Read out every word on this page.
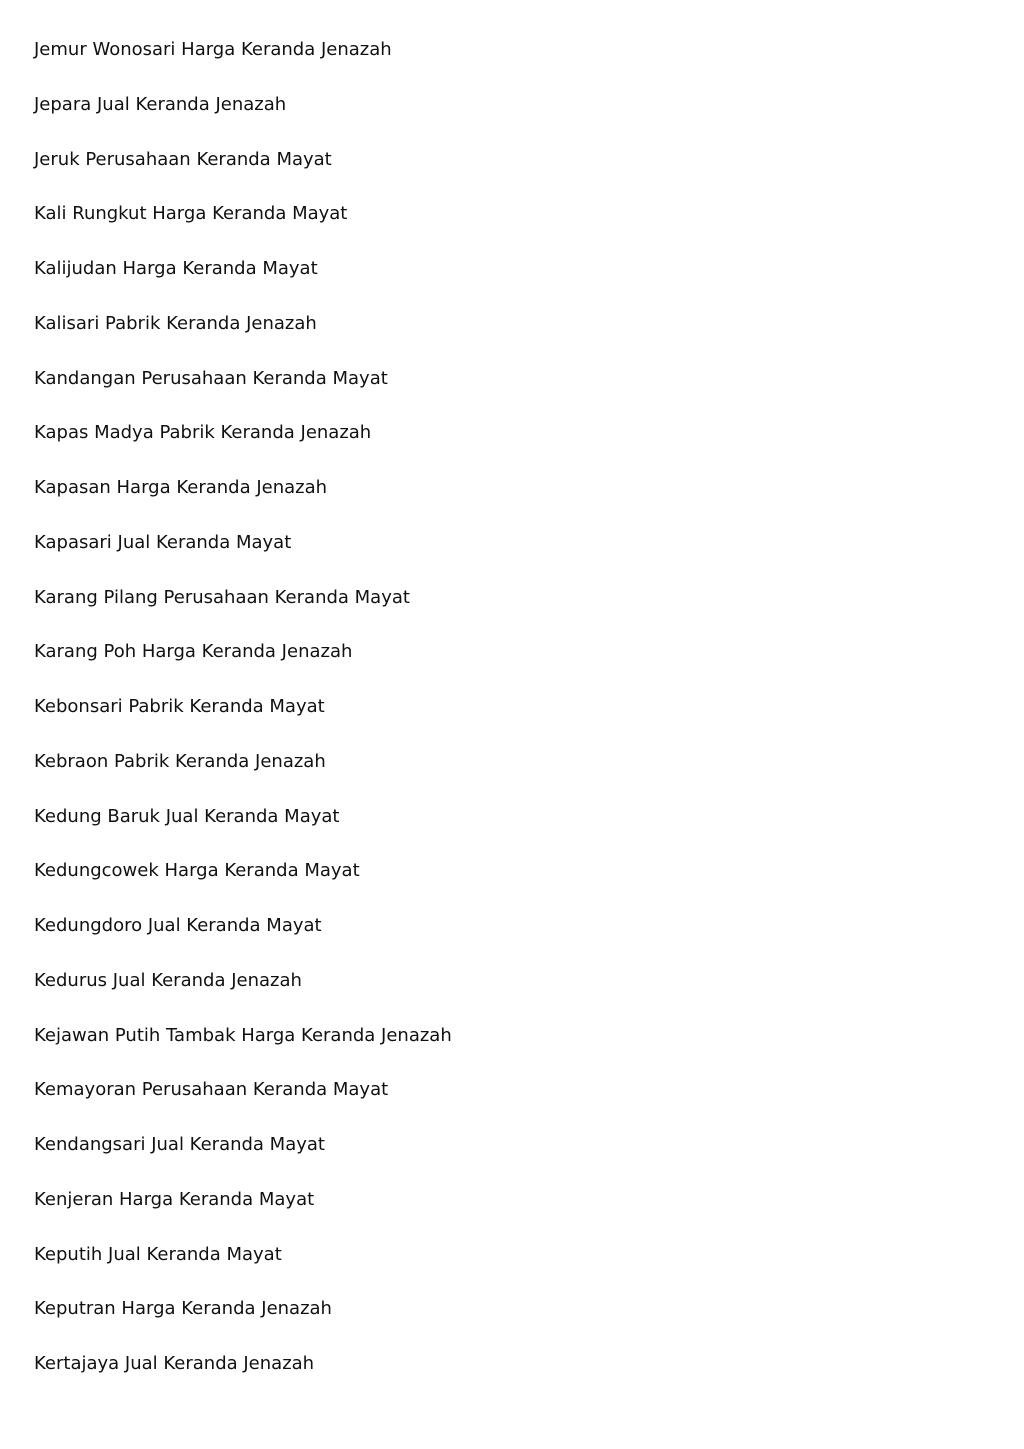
Jemur Wonosari Harga Keranda Jenazah
Jepara Jual Keranda Jenazah
Jeruk Perusahaan Keranda Mayat
Kali Rungkut Harga Keranda Mayat
Kalijudan Harga Keranda Mayat
Kalisari Pabrik Keranda Jenazah
Kandangan Perusahaan Keranda Mayat
Kapas Madya Pabrik Keranda Jenazah
Kapasan Harga Keranda Jenazah
Kapasari Jual Keranda Mayat
Karang Pilang Perusahaan Keranda Mayat
Karang Poh Harga Keranda Jenazah
Kebonsari Pabrik Keranda Mayat
Kebraon Pabrik Keranda Jenazah
Kedung Baruk Jual Keranda Mayat
Kedungcowek Harga Keranda Mayat
Kedungdoro Jual Keranda Mayat
Kedurus Jual Keranda Jenazah
Kejawan Putih Tambak Harga Keranda Jenazah
Kemayoran Perusahaan Keranda Mayat
Kendangsari Jual Keranda Mayat
Kenjeran Harga Keranda Mayat
Keputih Jual Keranda Mayat
Keputran Harga Keranda Jenazah
Kertajaya Jual Keranda Jenazah
